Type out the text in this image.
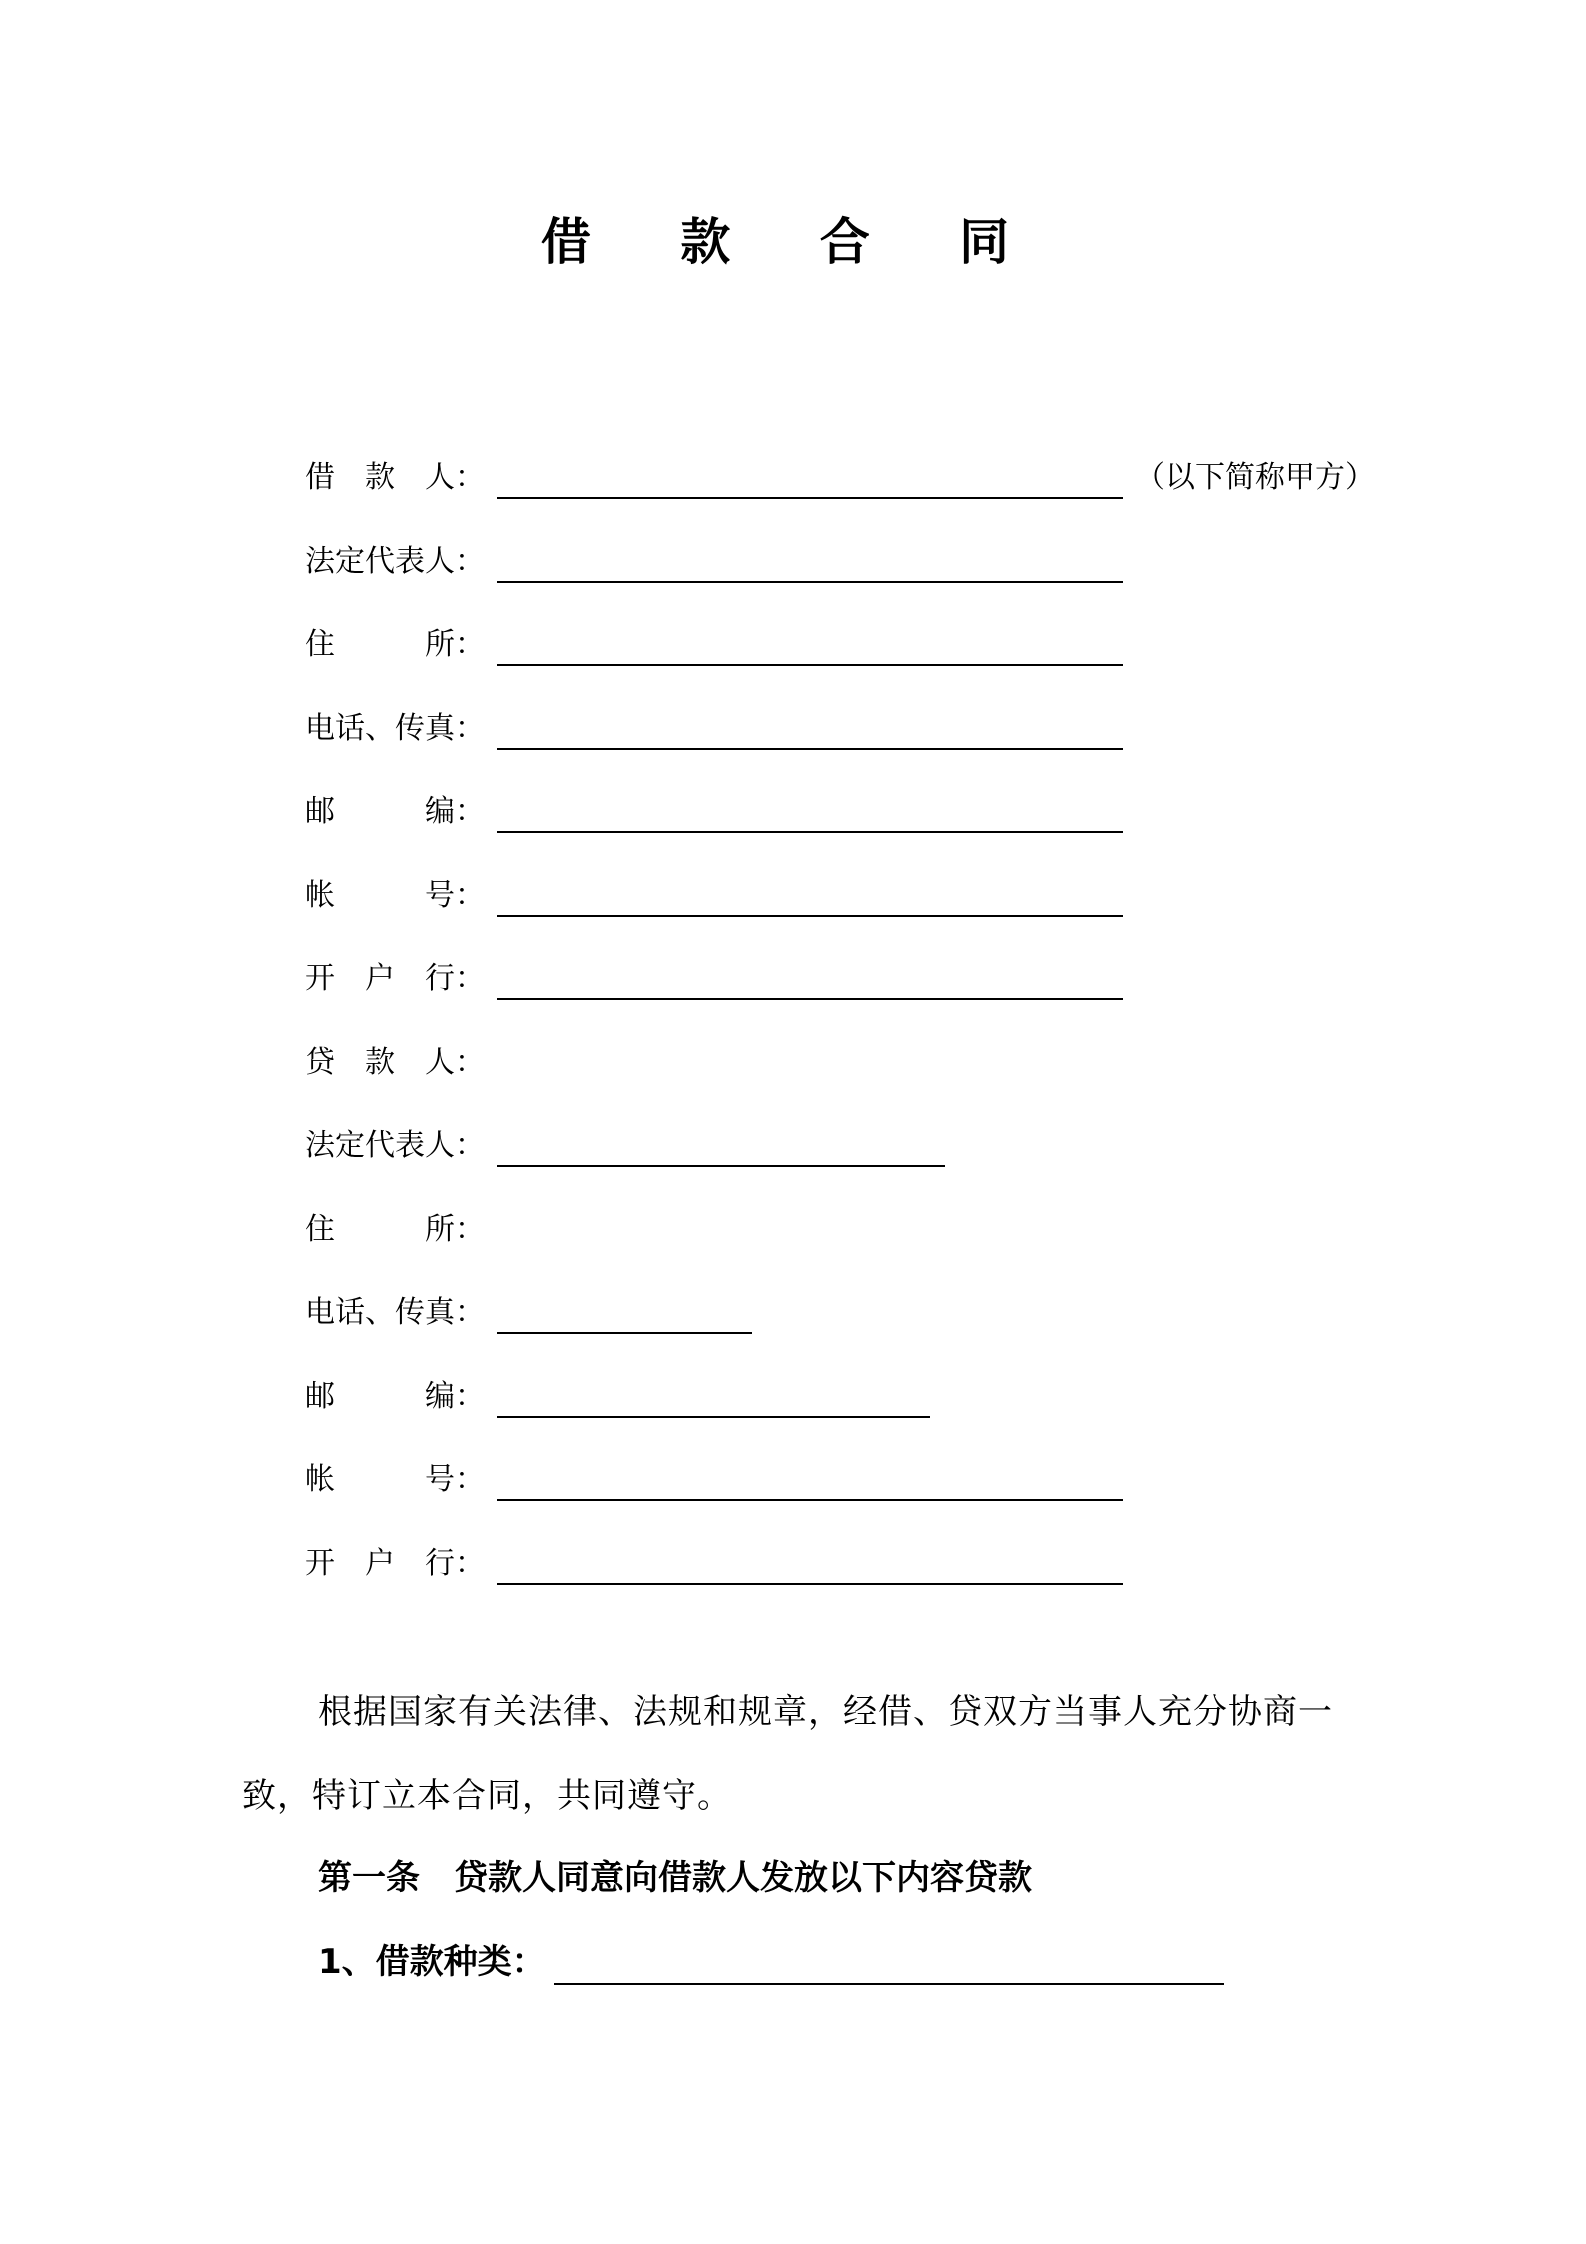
借 款 合 同
借　款　人：	（以下简称甲方）
法定代表人：
住　　　所：
电话、传真：
邮　　　编：
帐　　　号：
开　户　行：
贷　款　人：
法定代表人：
住　　　所：
电话、传真：
邮　　　编：
帐　　　号：
开　户　行：
根据国家有关法律、法规和规章，经借、贷双方当事人充分协商一致，特订立本合同，共同遵守。
第一条 贷款人同意向借款人发放以下内容贷款
1、借款种类：
